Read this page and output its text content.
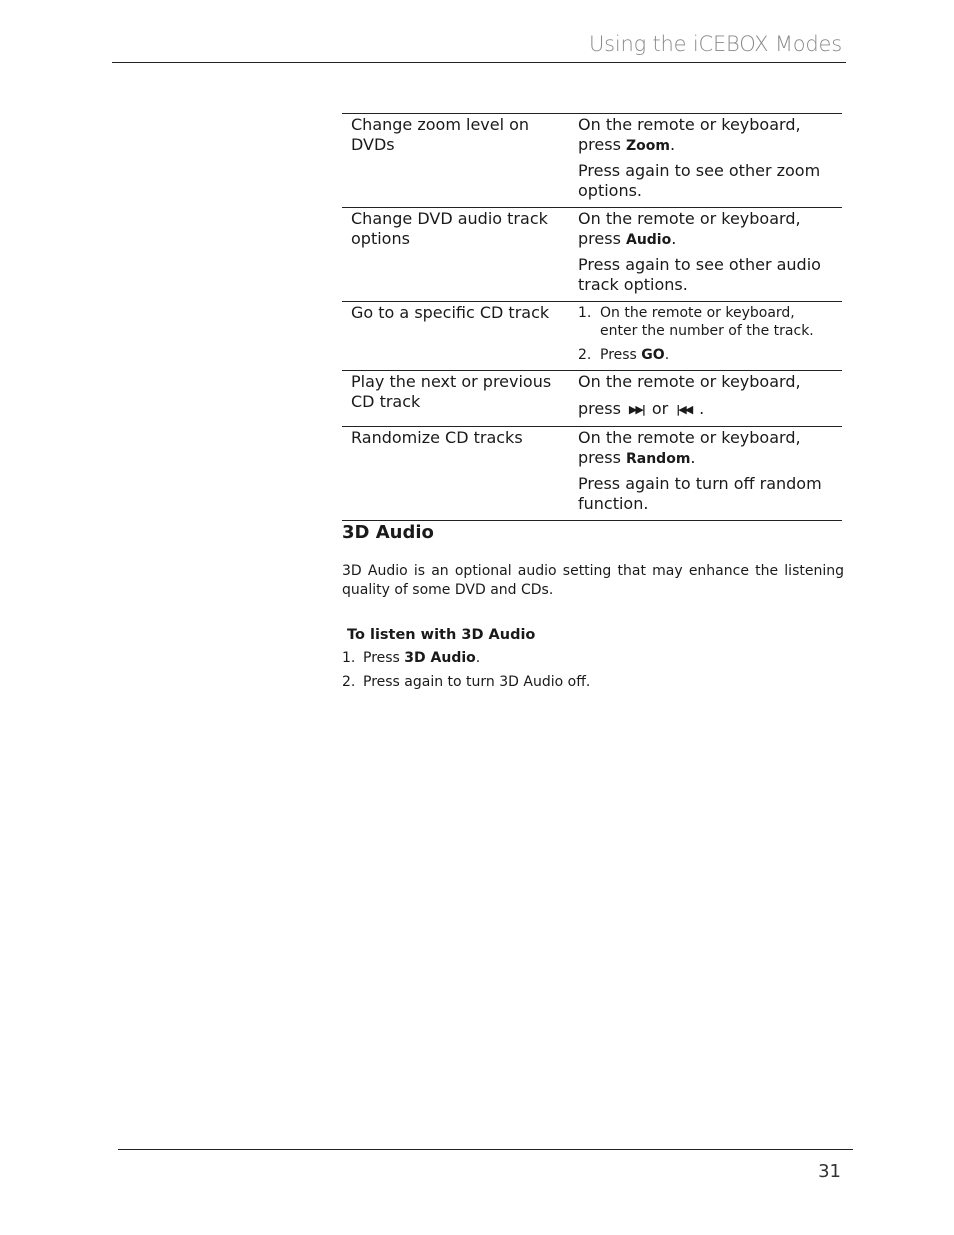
Using the iCEBOX Modes
Change zoom level on DVDs

On the remote or keyboard, press Zoom.

Press again to see other zoom options.

Change DVD audio track options

On the remote or keyboard, press Audio.

Press again to see other audio track options.

Go to a specific CD track	1. On the remote or keyboard, enter the number of the track.
2. Press GO.
Play the next or previous CD track

On the remote or keyboard,

press ▶▶| or |◀◀ .

Randomize CD tracks	On the remote or keyboard, press Random.

Press again to turn off random function.

3D Audio

3D Audio is an optional audio setting that may enhance the listening quality of some DVD and CDs.

To listen with 3D Audio
1. Press 3D Audio.
2. Press again to turn 3D Audio off.
31
